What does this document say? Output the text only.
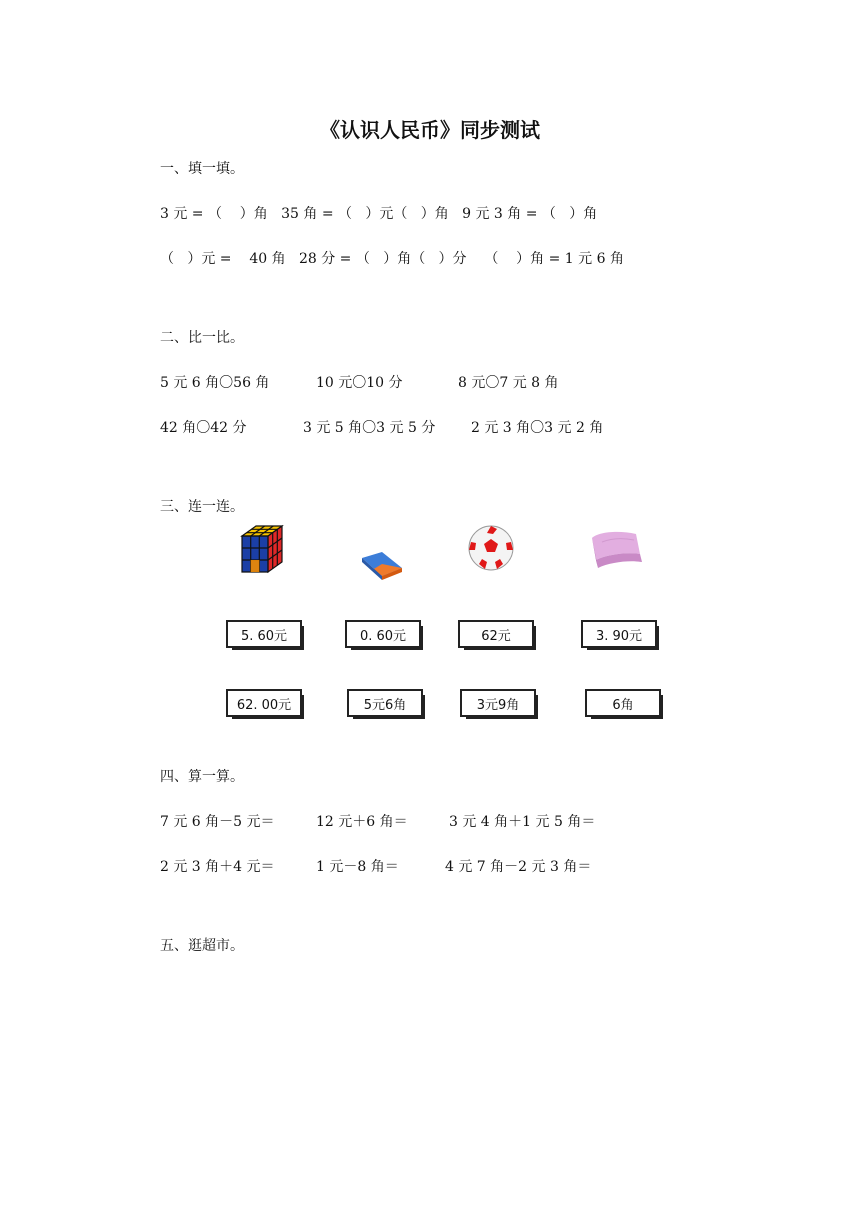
《认识人民币》同步测试
一、填一填。
3 元 = （    ）角   35 角 = （   ）元（   ）角   9 元 3 角 = （   ）角
（   ）元 =    40 角   28 分 = （   ）角（   ）分    （    ）角 = 1 元 6 角
二、比一比。
5 元 6 角〇56 角	10 元〇10 分	8 元〇7 元 8 角
42 角〇42 分	3 元 5 角〇3 元 5 分	2 元 3 角〇3 元 2 角
三、连一连。
5. 60元	0. 60元	62元	3. 90元
62. 00元	5元6角	3元9角	6角
四、算一算。
7 元 6 角－5 元＝	12 元＋6 角＝	3 元 4 角＋1 元 5 角＝
2 元 3 角＋4 元＝	1 元－8 角＝	4 元 7 角－2 元 3 角＝
五、逛超市。
